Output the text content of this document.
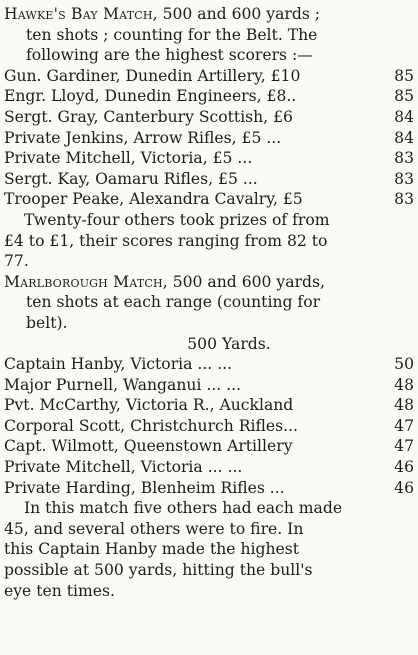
Hawke's Bay Match, 500 and 600 yards ;
ten shots ; counting for the Belt. The
following are the highest scorers :—
Gun. Gardiner, Dunedin Artillery, £10	85
Engr. Lloyd, Dunedin Engineers, £8..	85
Sergt. Gray, Canterbury Scottish, £6	84
Private Jenkins, Arrow Rifles, £5 ...	84
Private Mitchell, Victoria, £5 ...	83
Sergt. Kay, Oamaru Rifles, £5 ...	83
Trooper Peake, Alexandra Cavalry, £5	83
Twenty-four others took prizes of from
£4 to £1, their scores ranging from 82 to
77.
Marlborough Match, 500 and 600 yards,
ten shots at each range (counting for
belt).
500 Yards.
Captain Hanby, Victoria ... ...	50
Major Purnell, Wanganui ... ...	48
Pvt. McCarthy, Victoria R., Auckland	48
Corporal Scott, Christchurch Rifles...	47
Capt. Wilmott, Queenstown Artillery	47
Private Mitchell, Victoria ... ...	46
Private Harding, Blenheim Rifles ...	46
In this match five others had each made
45, and several others were to fire. In
this Captain Hanby made the highest
possible at 500 yards, hitting the bull's
eye ten times.
